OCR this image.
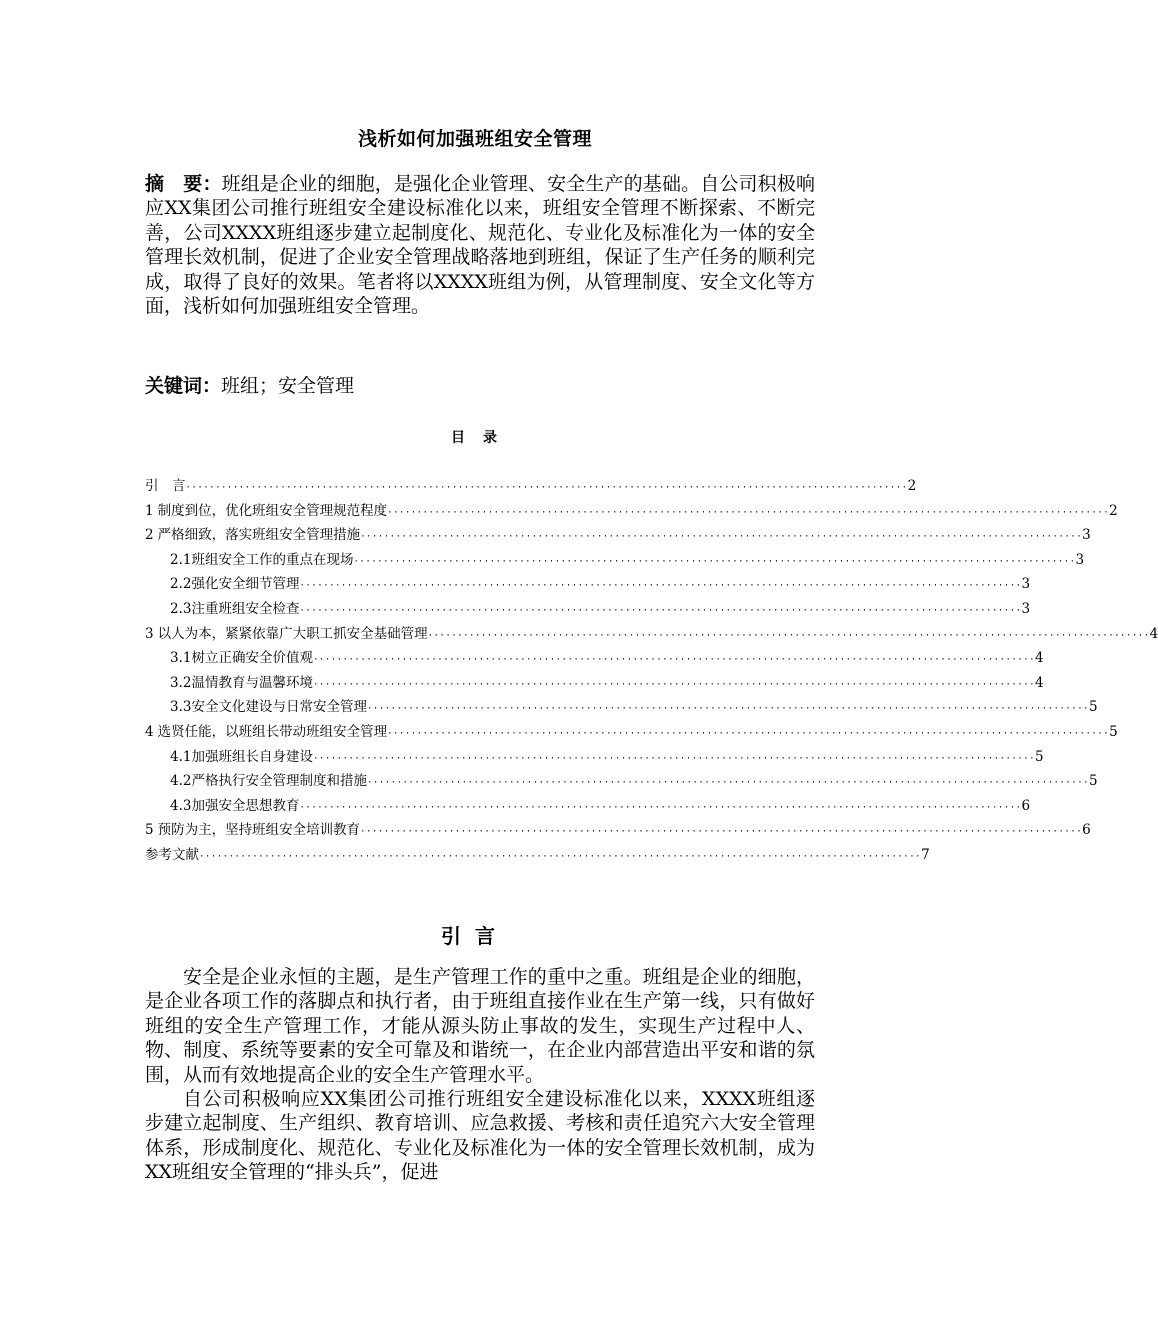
浅析如何加强班组安全管理
摘　要：班组是企业的细胞，是强化企业管理、安全生产的基础。自公司积极响应XX集团公司推行班组安全建设标准化以来，班组安全管理不断探索、不断完善，公司XXXX班组逐步建立起制度化、规范化、专业化及标准化为一体的安全管理长效机制，促进了企业安全管理战略落地到班组，保证了生产任务的顺利完成，取得了良好的效果。笔者将以XXXX班组为例，从管理制度、安全文化等方面，浅析如何加强班组安全管理。
关键词：班组；安全管理
目　录
引　言 ·························································································································· 2
1 制度到位，优化班组安全管理规范程度 ·························································································································· 2
2 严格细致，落实班组安全管理措施 ·························································································································· 3
2.1 班组安全工作的重点在现场 ·························································································································· 3
2.2 强化安全细节管理 ·························································································································· 3
2.3 注重班组安全检查 ·························································································································· 3
3 以人为本，紧紧依靠广大职工抓安全基础管理 ·························································································································· 4
3.1 树立正确安全价值观 ·························································································································· 4
3.2 温情教育与温馨环境 ·························································································································· 4
3.3 安全文化建设与日常安全管理 ·························································································································· 5
4 选贤任能，以班组长带动班组安全管理 ·························································································································· 5
4.1 加强班组长自身建设 ·························································································································· 5
4.2 严格执行安全管理制度和措施 ·························································································································· 5
4.3 加强安全思想教育 ·························································································································· 6
5 预防为主，坚持班组安全培训教育 ·························································································································· 6
参考文献 ·························································································································· 7
引言

安全是企业永恒的主题，是生产管理工作的重中之重。班组是企业的细胞，是企业各项工作的落脚点和执行者，由于班组直接作业在生产第一线，只有做好班组的安全生产管理工作，才能从源头防止事故的发生，实现生产过程中人、物、制度、系统等要素的安全可靠及和谐统一，在企业内部营造出平安和谐的氛围，从而有效地提高企业的安全生产管理水平。

自公司积极响应XX集团公司推行班组安全建设标准化以来，XXXX班组逐步建立起制度、生产组织、教育培训、应急救援、考核和责任追究六大安全管理体系，形成制度化、规范化、专业化及标准化为一体的安全管理长效机制，成为XX班组安全管理的“排头兵”，促进
